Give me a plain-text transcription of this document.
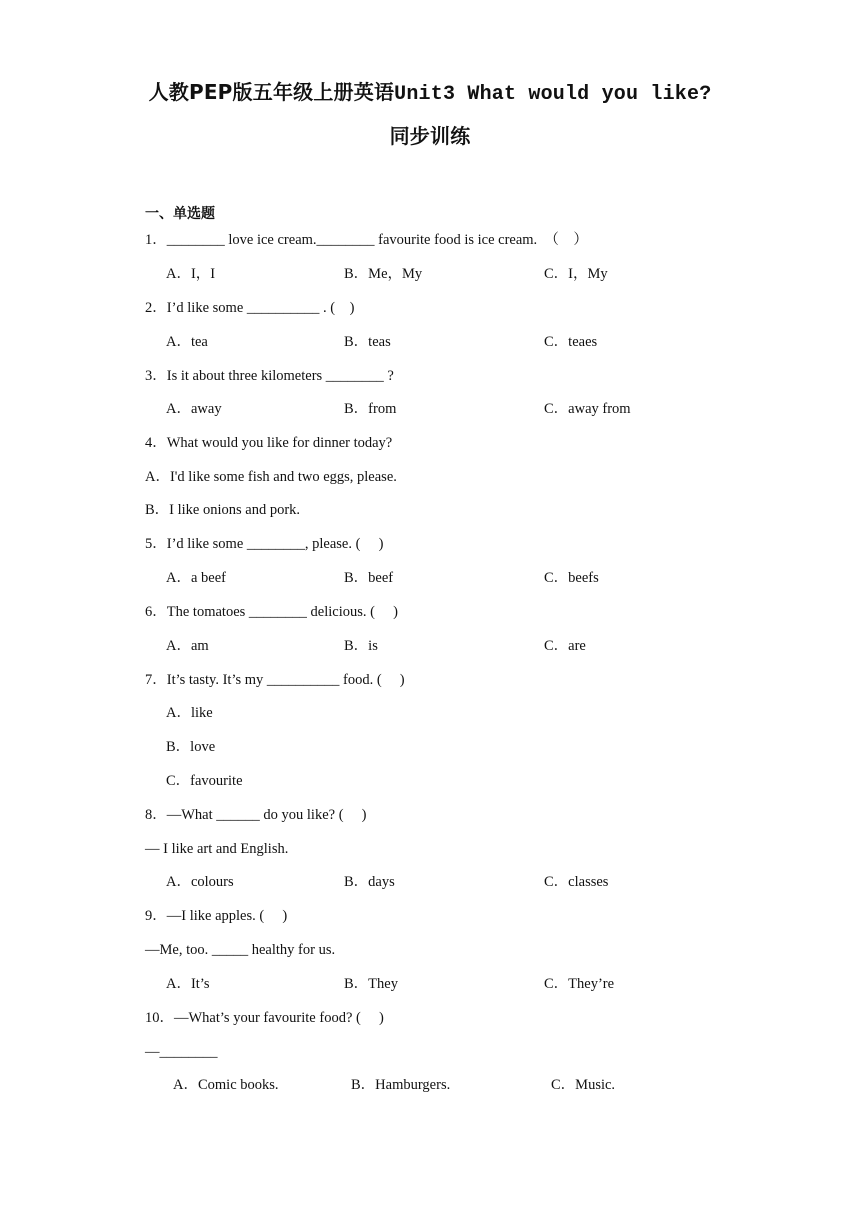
人教PEP版五年级上册英语Unit3 What would you like?
同步训练
一、单选题
1．________ love ice cream.________ favourite food is ice cream.  （    ）
A．I，I	B．Me，My	C．I，My
2．I’d like some __________ . (    )
A．tea	B．teas	C．teaes
3．Is it about three kilometers ________ ?
A．away	B．from	C．away from
4．What would you like for dinner today?
A．I'd like some fish and two eggs, please.
B．I like onions and pork.
5．I’d like some ________, please. (     )
A．a beef	B．beef	C．beefs
6．The tomatoes ________ delicious. (     )
A．am	B．is	C．are
7．It’s tasty. It’s my __________ food. (     )
A．like
B．love
C．favourite
8．—What ______ do you like? (     )
— I like art and English.
A．colours	B．days	C．classes
9．—I like apples. (     )
—Me, too. _____ healthy for us.
A．It’s	B．They	C．They’re
10．—What’s your favourite food? (     )
—________
A．Comic books.	B．Hamburgers.	C．Music.
